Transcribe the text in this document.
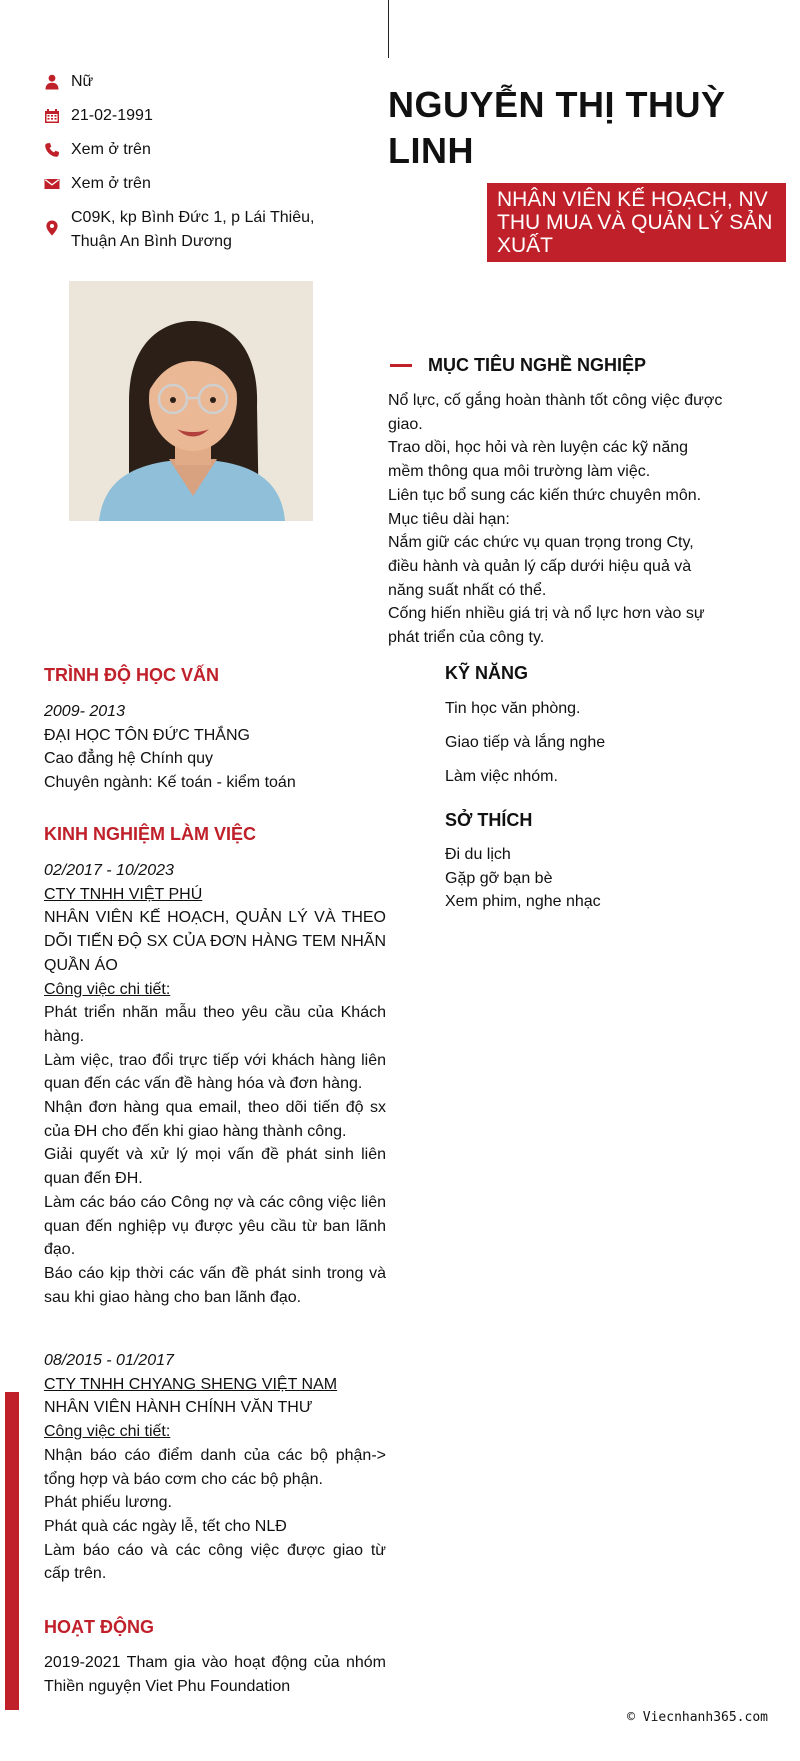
Nữ
21-02-1991
Xem ở trên
Xem ở trên
C09K, kp Bình Đức 1, p Lái Thiêu, Thuận An Bình Dương
NGUYỄN THỊ THUỲ LINH
NHÂN VIÊN KẾ HOẠCH, NV THU MUA VÀ QUẢN LÝ SẢN XUẤT
MỤC TIÊU NGHỀ NGHIỆP
Nổ lực, cố gắng hoàn thành tốt công việc được giao.
Trao dồi, học hỏi và rèn luyện các kỹ năng mềm thông qua môi trường làm việc.
Liên tục bổ sung các kiến thức chuyên môn.
Mục tiêu dài hạn:
Nắm giữ các chức vụ quan trọng trong Cty, điều hành và quản lý cấp dưới hiệu quả và năng suất nhất có thể.
Cống hiến nhiều giá trị và nổ lực hơn vào sự phát triển của công ty.
TRÌNH ĐỘ HỌC VẤN
2009- 2013
ĐẠI HỌC TÔN ĐỨC THẮNG
Cao đẳng hệ Chính quy
Chuyên ngành: Kế toán - kiểm toán
KINH NGHIỆM LÀM VIỆC
02/2017 - 10/2023
CTY TNHH VIỆT PHÚ
NHÂN VIÊN KẾ HOẠCH, QUẢN LÝ VÀ THEO DÕI TIẾN ĐỘ SX CỦA ĐƠN HÀNG TEM NHÃN QUẦN ÁO
Công việc chi tiết:
Phát triển nhãn mẫu theo yêu cầu của Khách hàng.
Làm việc, trao đổi trực tiếp với khách hàng liên quan đến các vấn đề hàng hóa và đơn hàng.
Nhận đơn hàng qua email, theo dõi tiến độ sx của ĐH cho đến khi giao hàng thành công.
Giải quyết và xử lý mọi vấn đề phát sinh liên quan đến ĐH.
Làm các báo cáo Công nợ và các công việc liên quan đến nghiệp vụ được yêu cầu từ ban lãnh đạo.
Báo cáo kịp thời các vấn đề phát sinh trong và sau khi giao hàng cho ban lãnh đạo.
08/2015 - 01/2017
CTY TNHH CHYANG SHENG VIỆT NAM
NHÂN VIÊN HÀNH CHÍNH VĂN THƯ
Công việc chi tiết:
Nhận báo cáo điểm danh của các bộ phận-> tổng hợp và báo cơm cho các bộ phận.
Phát phiếu lương.
Phát quà các ngày lễ, tết cho NLĐ
Làm báo cáo và các công việc được giao từ cấp trên.
HOẠT ĐỘNG
2019-2021 Tham gia vào hoạt động của nhóm Thiền nguyện Viet Phu Foundation
KỸ NĂNG
Tin học văn phòng.
Giao tiếp và lắng nghe
Làm việc nhóm.
SỞ THÍCH
Đi du lịch
Gặp gỡ bạn bè
Xem phim, nghe nhạc
© Viecnhanh365.com
